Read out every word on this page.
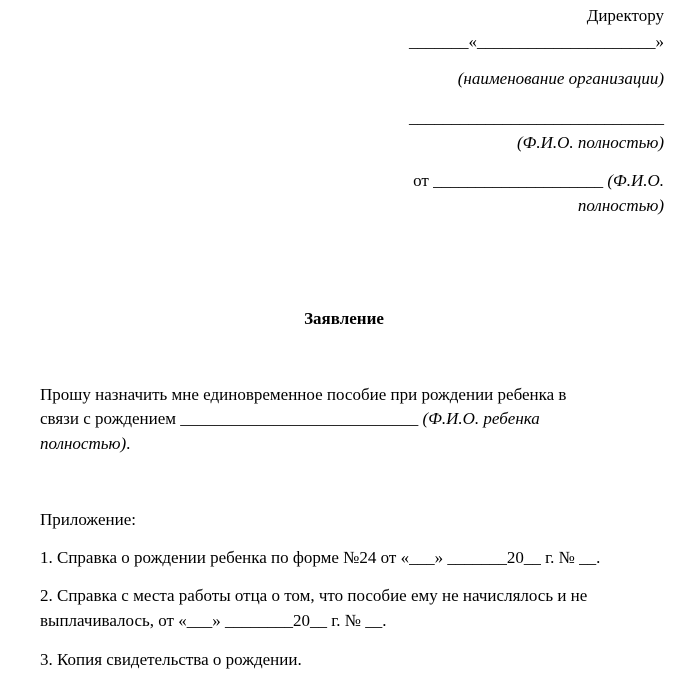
Директору
_______«_____________________»
(наименование организации)
______________________________
(Ф.И.О. полностью)
от ____________________ (Ф.И.О.
полностью)
Заявление
Прошу назначить мне единовременное пособие при рождении ребенка в
связи с рождением ____________________________ (Ф.И.О. ребенка
полностью).
Приложение:
1. Справка о рождении ребенка по форме №24 от «___» _______20__ г. № __.
2. Справка с места работы отца о том, что пособие ему не начислялось и не
выплачивалось, от «___» ________20__ г. № __.
3. Копия свидетельства о рождении.
